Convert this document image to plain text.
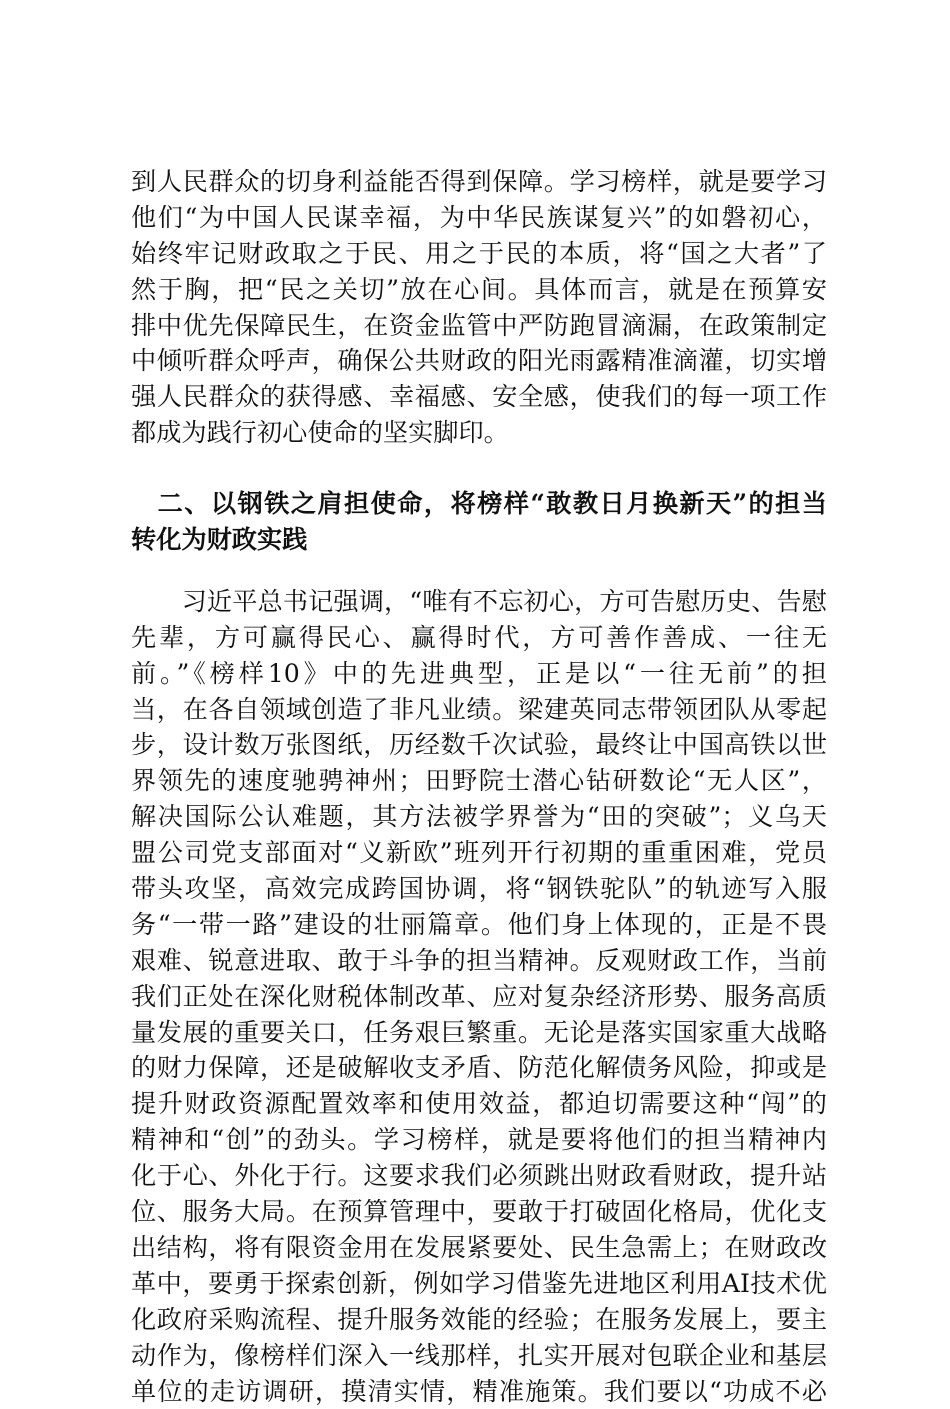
到人民群众的切身利益能否得到保障。学习榜样，就是要学习
他们“为中国人民谋幸福，为中华民族谋复兴”的如磐初心，
始终牢记财政取之于民、用之于民的本质，将“国之大者”了
然于胸，把“民之关切”放在心间。具体而言，就是在预算安
排中优先保障民生，在资金监管中严防跑冒滴漏，在政策制定
中倾听群众呼声，确保公共财政的阳光雨露精准滴灌，切实增
强人民群众的获得感、幸福感、安全感，使我们的每一项工作
都成为践行初心使命的坚实脚印。
　二、以钢铁之肩担使命，将榜样“敢教日月换新天”的担当
转化为财政实践
　　习近平总书记强调，“唯有不忘初心，方可告慰历史、告慰
先辈，方可赢得民心、赢得时代，方可善作善成、一往无
前。”《榜样10》中的先进典型，正是以“一往无前”的担
当，在各自领域创造了非凡业绩。梁建英同志带领团队从零起
步，设计数万张图纸，历经数千次试验，最终让中国高铁以世
界领先的速度驰骋神州；田野院士潜心钻研数论“无人区”，
解决国际公认难题，其方法被学界誉为“田的突破”；义乌天
盟公司党支部面对“义新欧”班列开行初期的重重困难，党员
带头攻坚，高效完成跨国协调，将“钢铁驼队”的轨迹写入服
务“一带一路”建设的壮丽篇章。他们身上体现的，正是不畏
艰难、锐意进取、敢于斗争的担当精神。反观财政工作，当前
我们正处在深化财税体制改革、应对复杂经济形势、服务高质
量发展的重要关口，任务艰巨繁重。无论是落实国家重大战略
的财力保障，还是破解收支矛盾、防范化解债务风险，抑或是
提升财政资源配置效率和使用效益，都迫切需要这种“闯”的
精神和“创”的劲头。学习榜样，就是要将他们的担当精神内
化于心、外化于行。这要求我们必须跳出财政看财政，提升站
位、服务大局。在预算管理中，要敢于打破固化格局，优化支
出结构，将有限资金用在发展紧要处、民生急需上；在财政改
革中，要勇于探索创新，例如学习借鉴先进地区利用AI技术优
化政府采购流程、提升服务效能的经验；在服务发展上，要主
动作为，像榜样们深入一线那样，扎实开展对包联企业和基层
单位的走访调研，摸清实情，精准施策。我们要以“功成不必
